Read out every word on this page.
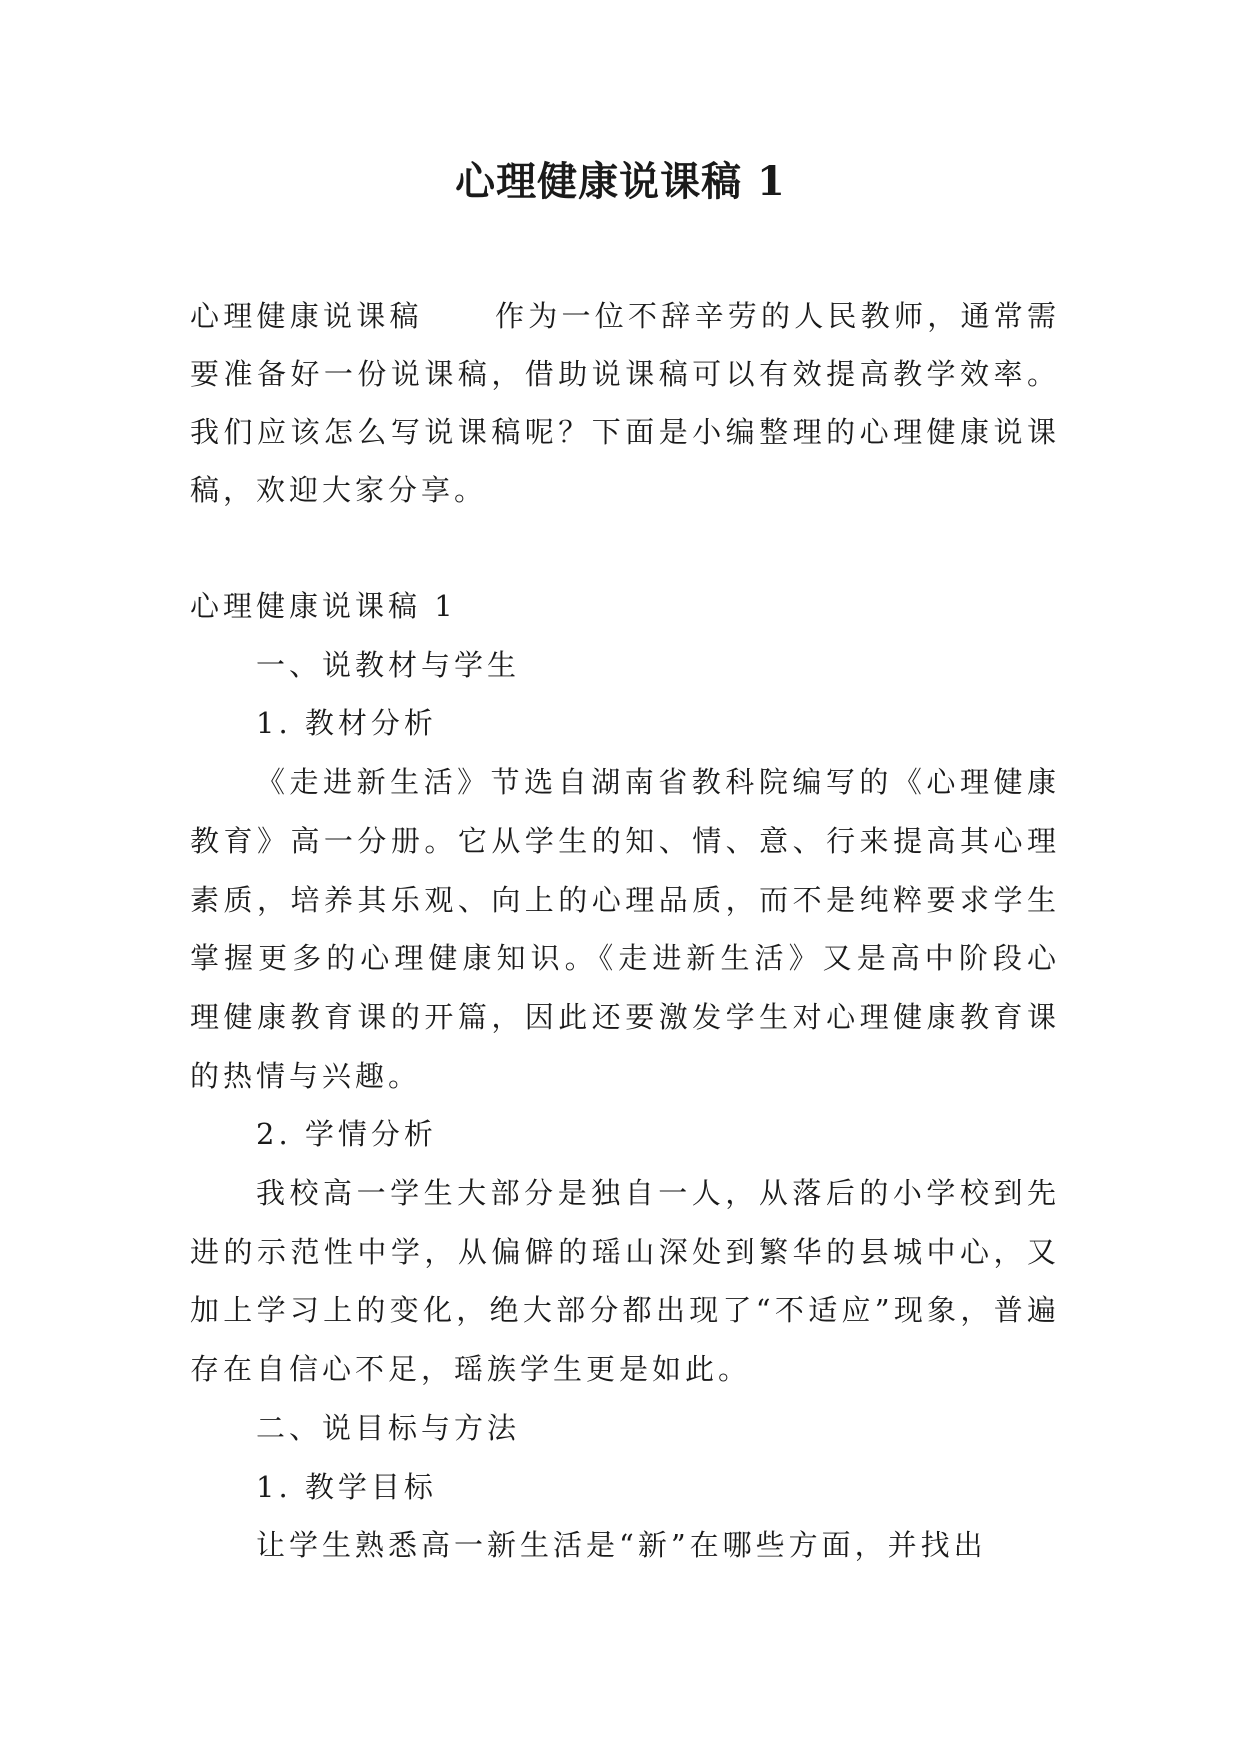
心理健康说课稿 1

心理健康说课稿 作为一位不辞辛劳的人民教师，通常需要准备好一份说课稿，借助说课稿可以有效提高教学效率。我们应该怎么写说课稿呢？下面是小编整理的心理健康说课稿，欢迎大家分享。

心理健康说课稿 1

一、说教材与学生

1. 教材分析

《走进新生活》节选自湖南省教科院编写的《心理健康教育》高一分册。它从学生的知、情、意、行来提高其心理素质，培养其乐观、向上的心理品质，而不是纯粹要求学生掌握更多的心理健康知识。《走进新生活》又是高中阶段心理健康教育课的开篇，因此还要激发学生对心理健康教育课的热情与兴趣。

2. 学情分析

我校高一学生大部分是独自一人，从落后的小学校到先进的示范性中学，从偏僻的瑶山深处到繁华的县城中心，又加上学习上的变化，绝大部分都出现了“不适应”现象，普遍存在自信心不足，瑶族学生更是如此。

二、说目标与方法

1. 教学目标

让学生熟悉高一新生活是“新”在哪些方面，并找出
